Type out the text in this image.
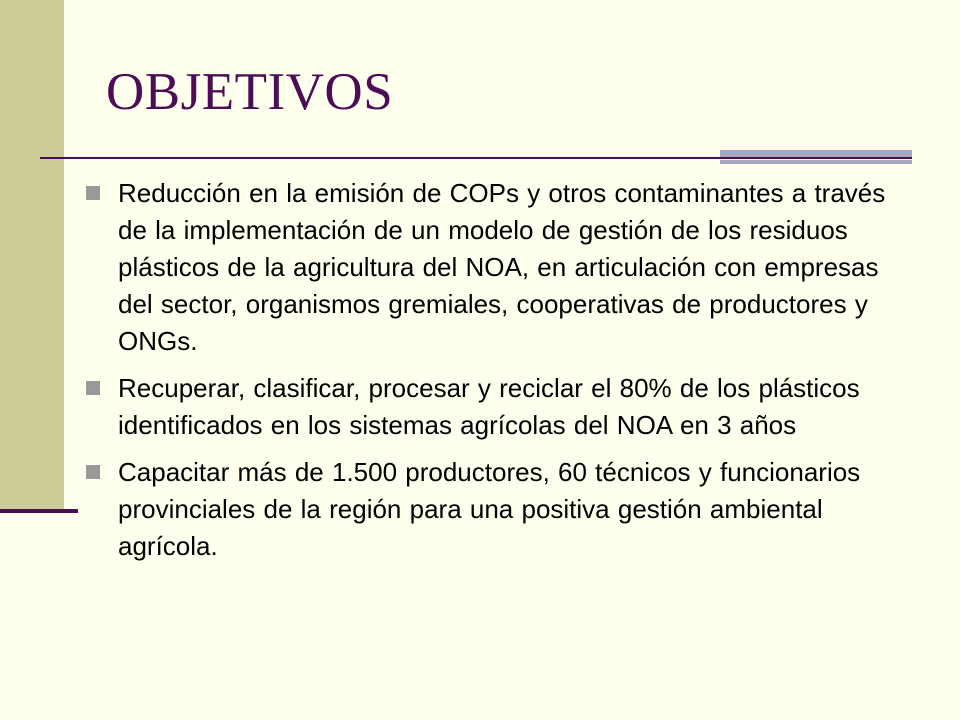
OBJETIVOS
Reducción en la emisión de COPs y otros contaminantes a través de la implementación de un modelo de gestión de los residuos plásticos de la agricultura del NOA, en articulación con empresas del sector, organismos gremiales, cooperativas de productores y ONGs.
Recuperar, clasificar, procesar y reciclar el 80% de los plásticos identificados en los sistemas agrícolas del NOA en 3 años
Capacitar más de 1.500 productores, 60 técnicos y funcionarios provinciales de la región para una positiva gestión ambiental agrícola.
